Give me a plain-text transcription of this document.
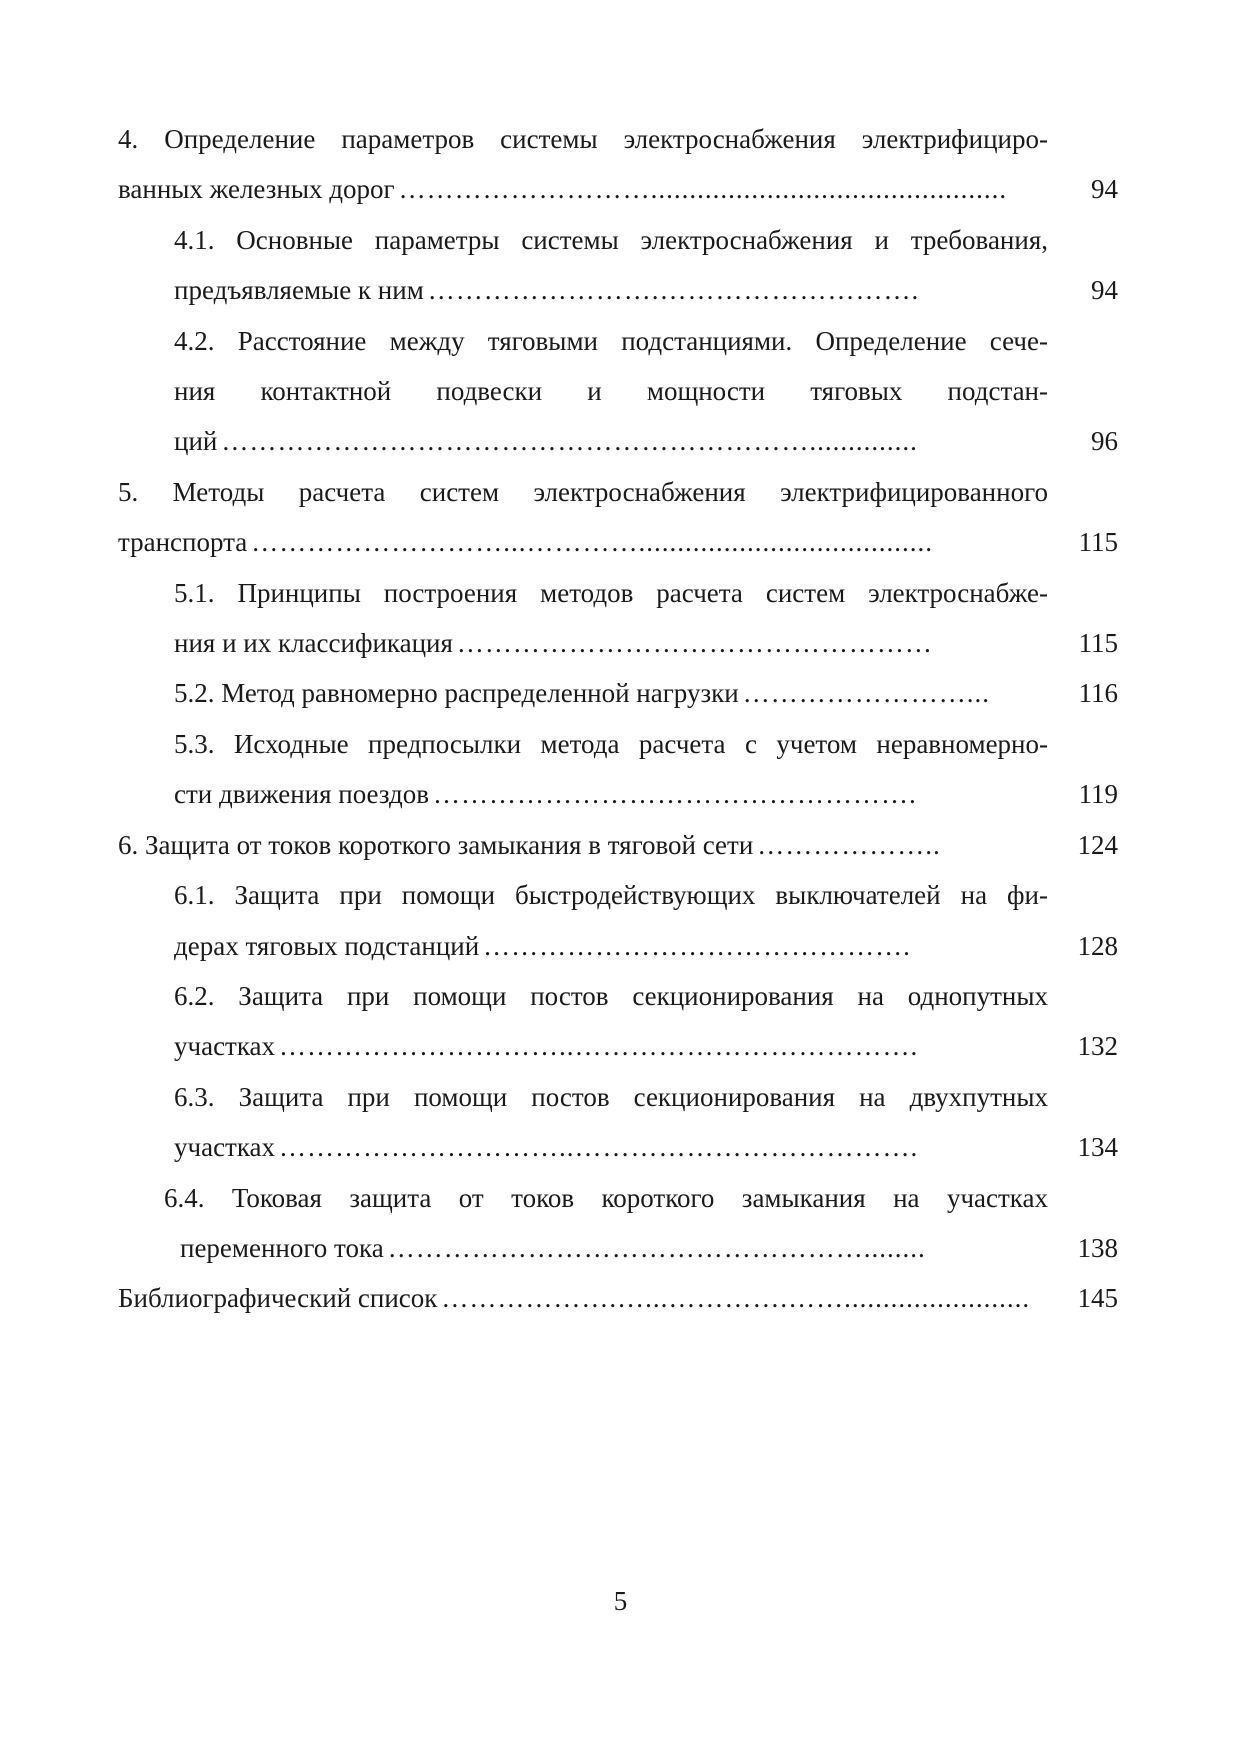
4. Определение параметров системы электроснабжения электрифициро-
ванных железных дорог ………………………..............................................	94
4.1. Основные параметры системы электроснабжения и требования,
предъявляемые к ним …………………….……………………….	94
4.2. Расстояние между тяговыми подстанциями. Определение сече-
ния контактной подвески и мощности тяговых подстан-
ций ………………………………………………………..............	96
5. Методы расчета систем электроснабжения электрифицированного
транспорта ………………………...…………......................................	115
5.1. Принципы построения методов расчета систем электроснабже-
ния и их классификация ……………………………………………	115
5.2. Метод равномерно распределенной нагрузки ……………………...	116
5.3. Исходные предпосылки метода расчета с учетом неравномерно-
сти движения поездов …………………………………………….	119
6. Защита от токов короткого замыкания в тяговой сети ………………..	124
6.1. Защита при помощи быстродействующих выключателей на фи-
дерах тяговых подстанций ……………………………………….	128
6.2. Защита при помощи постов секционирования на однопутных
участках …………………………..……………………………….	132
6.3. Защита при помощи постов секционирования на двухпутных
участках …………………………..……………………………….	134
6.4. Токовая защита от токов короткого замыкания на участках
переменного тока ……………………………………………........	138
Библиографический список ……………….…...………….……........................	145
5
